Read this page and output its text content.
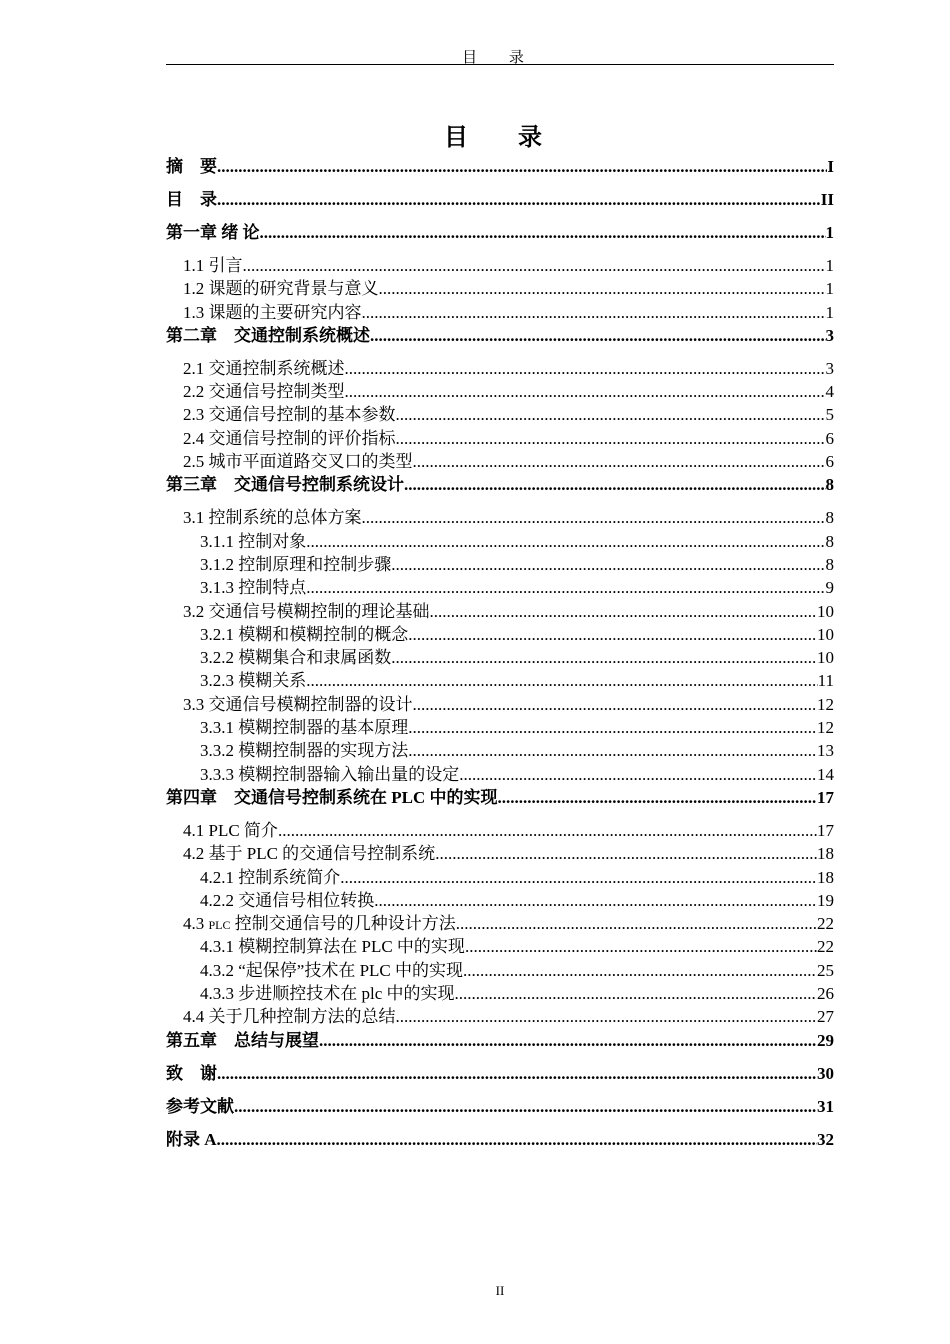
目 录
目 录
摘　要 .....	I
目　录 .....	II
第一章 绪 论 .....	1
1.1 引言 .....	1
1.2 课题的研究背景与意义 .....	1
1.3 课题的主要研究内容 .....	1
第二章　交通控制系统概述 .....	3
2.1 交通控制系统概述 .....	3
2.2 交通信号控制类型 .....	4
2.3 交通信号控制的基本参数 .....	5
2.4 交通信号控制的评价指标 .....	6
2.5 城市平面道路交叉口的类型 .....	6
第三章　交通信号控制系统设计 .....	8
3.1 控制系统的总体方案 .....	8
3.1.1 控制对象 .....	8
3.1.2 控制原理和控制步骤 .....	8
3.1.3 控制特点 .....	9
3.2 交通信号模糊控制的理论基础 .....	10
3.2.1 模糊和模糊控制的概念 .....	10
3.2.2 模糊集合和隶属函数 .....	10
3.2.3 模糊关系 .....	11
3.3 交通信号模糊控制器的设计 .....	12
3.3.1 模糊控制器的基本原理 .....	12
3.3.2 模糊控制器的实现方法 .....	13
3.3.3 模糊控制器输入输出量的设定 .....	14
第四章　交通信号控制系统在 PLC 中的实现 .....	17
4.1 PLC 简介 .....	17
4.2 基于 PLC 的交通信号控制系统 .....	18
4.2.1 控制系统简介 .....	18
4.2.2 交通信号相位转换 .....	19
4.3 PLC 控制交通信号的几种设计方法 .....	22
4.3.1 模糊控制算法在 PLC 中的实现 .....	22
4.3.2 “起保停”技术在 PLC 中的实现 .....	25
4.3.3 步进顺控技术在 plc 中的实现 .....	26
4.4 关于几种控制方法的总结 .....	27
第五章　总结与展望 .....	29
致　谢 .....	30
参考文献 .....	31
附录 A .....	32
II
